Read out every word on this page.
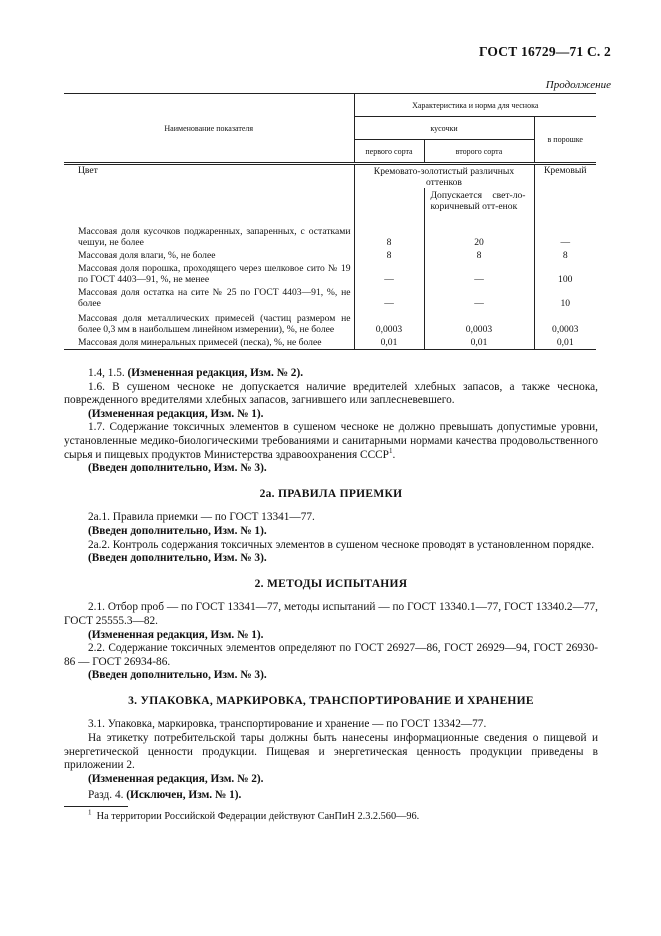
ГОСТ 16729—71 С. 2
Продолжение
Наименование показателя	Характеристика и норма для чеснока		
	кусочки		в порошке
	первого сорта	второго сорта	
Цвет	Кремовато-золотистый различных оттенков		Кремовый
		Допускается свет-ло-коричневый отт-енок	
Массовая доля кусочков поджаренных, запаренных, с остатками чешуи, не более	8	20	—
Массовая доля влаги, %, не более	8	8	8
Массовая доля порошка, проходящего через шелковое сито № 19 по ГОСТ 4403—91, %, не менее	—	—	100
Массовая доля остатка на сите № 25 по ГОСТ 4403—91, %, не более	—	—	10
Массовая доля металлических примесей (частиц размером не более 0,3 мм в наибольшем линейном измерении), %, не более	0,0003	0,0003	0,0003
Массовая доля минеральных примесей (песка), %, не более	0,01	0,01	0,01

1.4, 1.5. (Измененная редакция, Изм. № 2).

1.6. В сушеном чесноке не допускается наличие вредителей хлебных запасов, а также чеснока, поврежденного вредителями хлебных запасов, загнившего или заплесневевшего.

(Измененная редакция, Изм. № 1).

1.7. Содержание токсичных элементов в сушеном чесноке не должно превышать допустимые уровни, установленные медико-биологическими требованиями и санитарными нормами качества продовольственного сырья и пищевых продуктов Министерства здравоохранения СССР$^1$.

(Введен дополнительно, Изм. № 3).

2а. ПРАВИЛА ПРИЕМКИ

2а.1. Правила приемки — по ГОСТ 13341—77.

(Введен дополнительно, Изм. № 1).

2а.2. Контроль содержания токсичных элементов в сушеном чесноке проводят в установленном порядке.

(Введен дополнительно, Изм. № 3).

2. МЕТОДЫ ИСПЫТАНИЯ

2.1. Отбор проб — по ГОСТ 13341—77, методы испытаний — по ГОСТ 13340.1—77, ГОСТ 13340.2—77, ГОСТ 25555.3—82.

(Измененная редакция, Изм. № 1).

2.2. Содержание токсичных элементов определяют по ГОСТ 26927—86, ГОСТ 26929—94, ГОСТ 26930-86 — ГОСТ 26934-86.

(Введен дополнительно, Изм. № 3).

3. УПАКОВКА, МАРКИРОВКА, ТРАНСПОРТИРОВАНИЕ И ХРАНЕНИЕ

3.1. Упаковка, маркировка, транспортирование и хранение — по ГОСТ 13342—77.

На этикетку потребительской тары должны быть нанесены информационные сведения о пищевой и энергетической ценности продукции. Пищевая и энергетическая ценность продукции приведены в приложении 2.

(Измененная редакция, Изм. № 2).

Разд. 4. (Исключен, Изм. № 1).

$^1$ На территории Российской Федерации действуют СанПиН 2.3.2.560—96.
